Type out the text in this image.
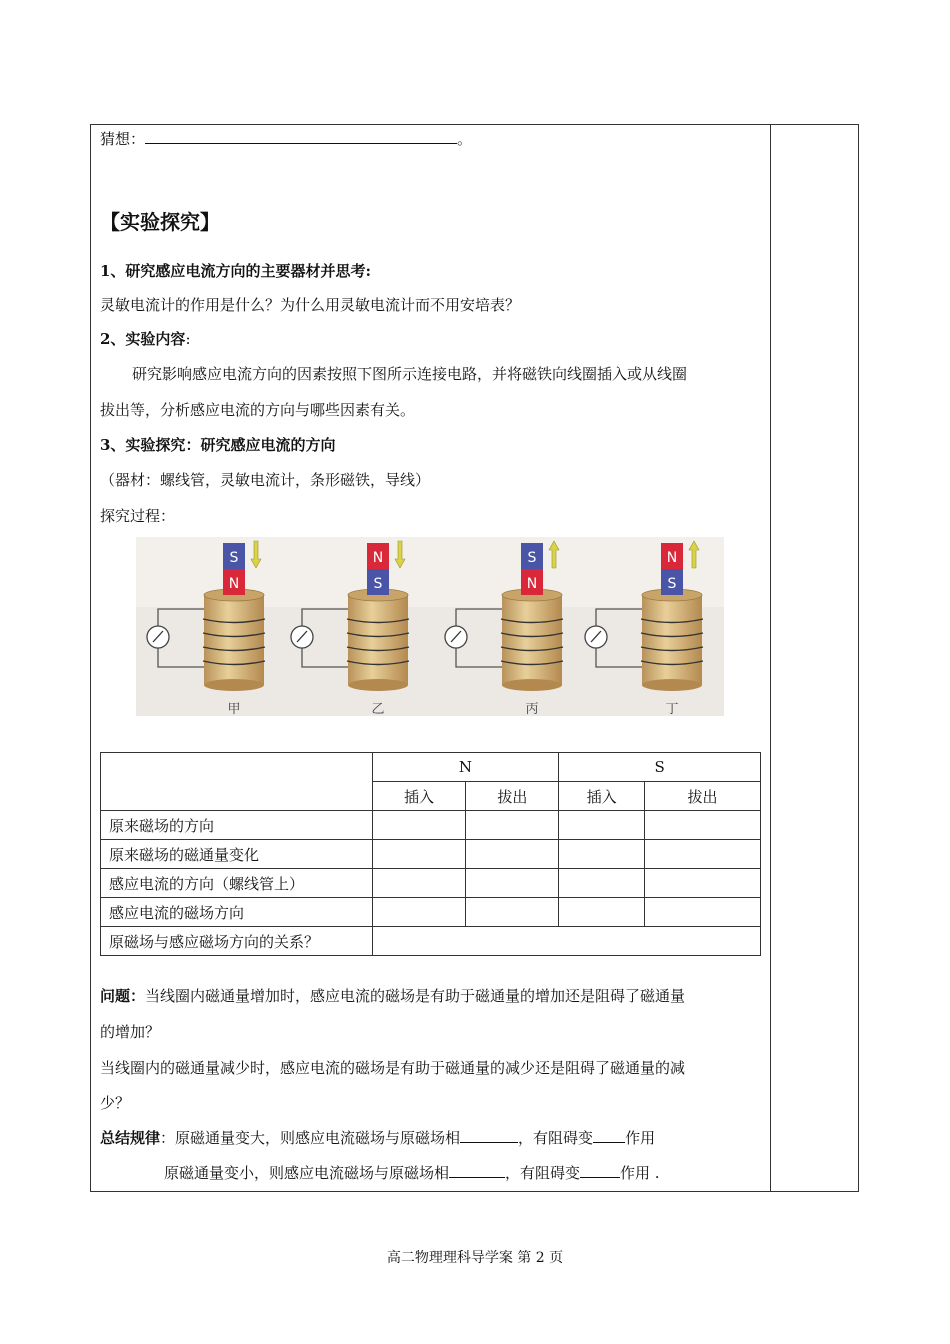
猜想：	。
【实验探究】
1、研究感应电流方向的主要器材并思考:
灵敏电流计的作用是什么？为什么用灵敏电流计而不用安培表？
2、实验内容:
研究影响感应电流方向的因素按照下图所示连接电路，并将磁铁向线圈插入或从线圈
拔出等，分析感应电流的方向与哪些因素有关。
3、实验探究：研究感应电流的方向
（器材：螺线管，灵敏电流计，条形磁铁，导线）
探究过程：
S
N
甲
N
S
乙
S
N
丙
N
S
丁
	N		S	
	插入	拔出	插入	拔出
原来磁场的方向				
原来磁场的磁通量变化				
感应电流的方向（螺线管上）				
感应电流的磁场方向				
原磁场与感应磁场方向的关系？				
问题：当线圈内磁通量增加时，感应电流的磁场是有助于磁通量的增加还是阻碍了磁通量
的增加？
当线圈内的磁通量减少时，感应电流的磁场是有助于磁通量的减少还是阻碍了磁通量的减
少？
总结规律：原磁通量变大，则感应电流磁场与原磁场相	，有阻碍变 作用
原磁通量变小，则感应电流磁场与原磁场相	，有阻碍变	作用 .
高二物理理科导学案 第 2 页
